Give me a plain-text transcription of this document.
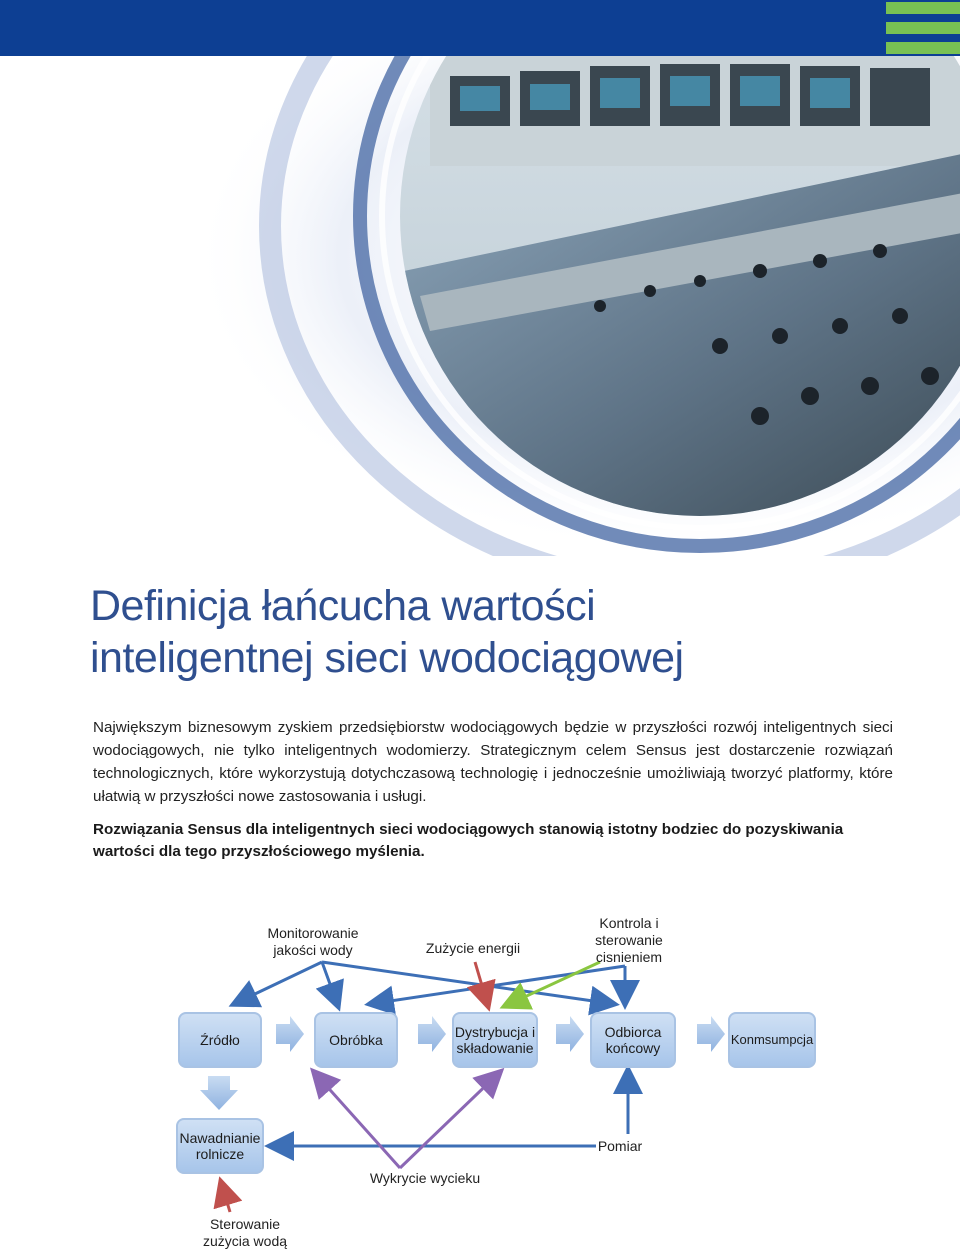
Definicja łańcucha wartości
inteligentnej sieci wodociągowej
Największym biznesowym zyskiem przedsiębiorstw wodociągowych będzie w przyszłości rozwój inteligentnych sieci wodociągowych, nie tylko inteligentnych wodomierzy. Strategicznym celem Sensus jest dostarczenie rozwiązań technologicznych, które wykorzystują dotychczasową technologię i jednocześnie umożliwiają tworzyć platformy, które ułatwią w przyszłości nowe zastosowania i usługi.
Rozwiązania Sensus dla inteligentnych sieci wodociągowych stanowią istotny bodziec do pozyskiwania wartości dla tego przyszłościowego myślenia.
Monitorowanie jakości wody	Zużycie energii
Kontrola i sterowanie cisnieniem
Źródło	Obróbka	Dystrybucja i składowanie
Odbiorca końcowy
Konmsumpcja
Nawadnianie rolnicze	Pomiar
Wykrycie wycieku
Sterowanie zużycia wodą
